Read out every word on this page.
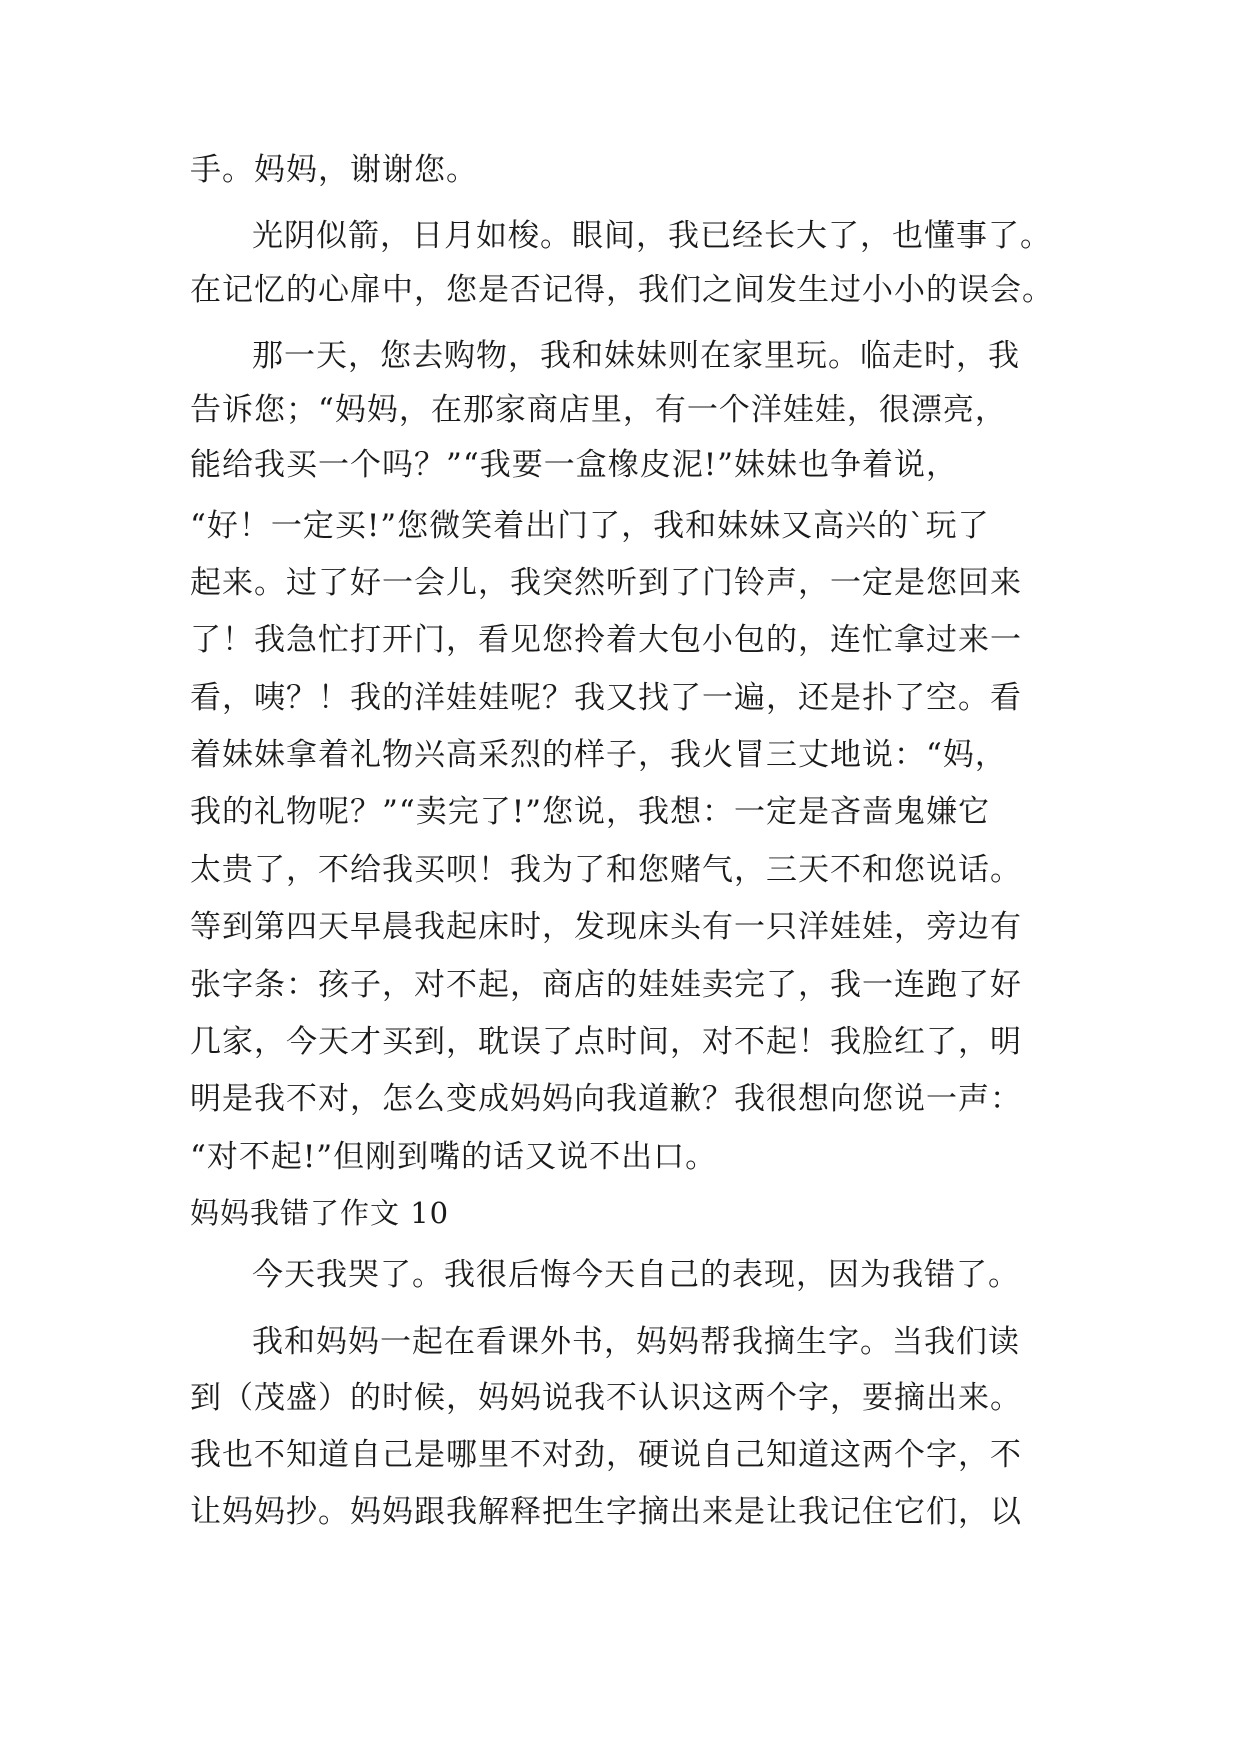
手。妈妈，谢谢您。
光阴似箭，日月如梭。眼间，我已经长大了，也懂事了。
在记忆的心扉中，您是否记得，我们之间发生过小小的误会。
那一天，您去购物，我和妹妹则在家里玩。临走时，我
告诉您；“妈妈，在那家商店里，有一个洋娃娃，很漂亮，
能给我买一个吗？”“我要一盒橡皮泥!”妹妹也争着说，
“好！一定买!”您微笑着出门了，我和妹妹又高兴的`玩了
起来。过了好一会儿，我突然听到了门铃声，一定是您回来
了！我急忙打开门，看见您拎着大包小包的，连忙拿过来一
看，咦？！我的洋娃娃呢？我又找了一遍，还是扑了空。看
着妹妹拿着礼物兴高采烈的样子，我火冒三丈地说：“妈，
我的礼物呢？”“卖完了!”您说，我想：一定是吝啬鬼嫌它
太贵了，不给我买呗！我为了和您赌气，三天不和您说话。
等到第四天早晨我起床时，发现床头有一只洋娃娃，旁边有
张字条：孩子，对不起，商店的娃娃卖完了，我一连跑了好
几家，今天才买到，耽误了点时间，对不起！我脸红了，明
明是我不对，怎么变成妈妈向我道歉？我很想向您说一声：
“对不起!”但刚到嘴的话又说不出口。
妈妈我错了作文 10
今天我哭了。我很后悔今天自己的表现，因为我错了。
我和妈妈一起在看课外书，妈妈帮我摘生字。当我们读
到（茂盛）的时候，妈妈说我不认识这两个字，要摘出来。
我也不知道自己是哪里不对劲，硬说自己知道这两个字，不
让妈妈抄。妈妈跟我解释把生字摘出来是让我记住它们，以
